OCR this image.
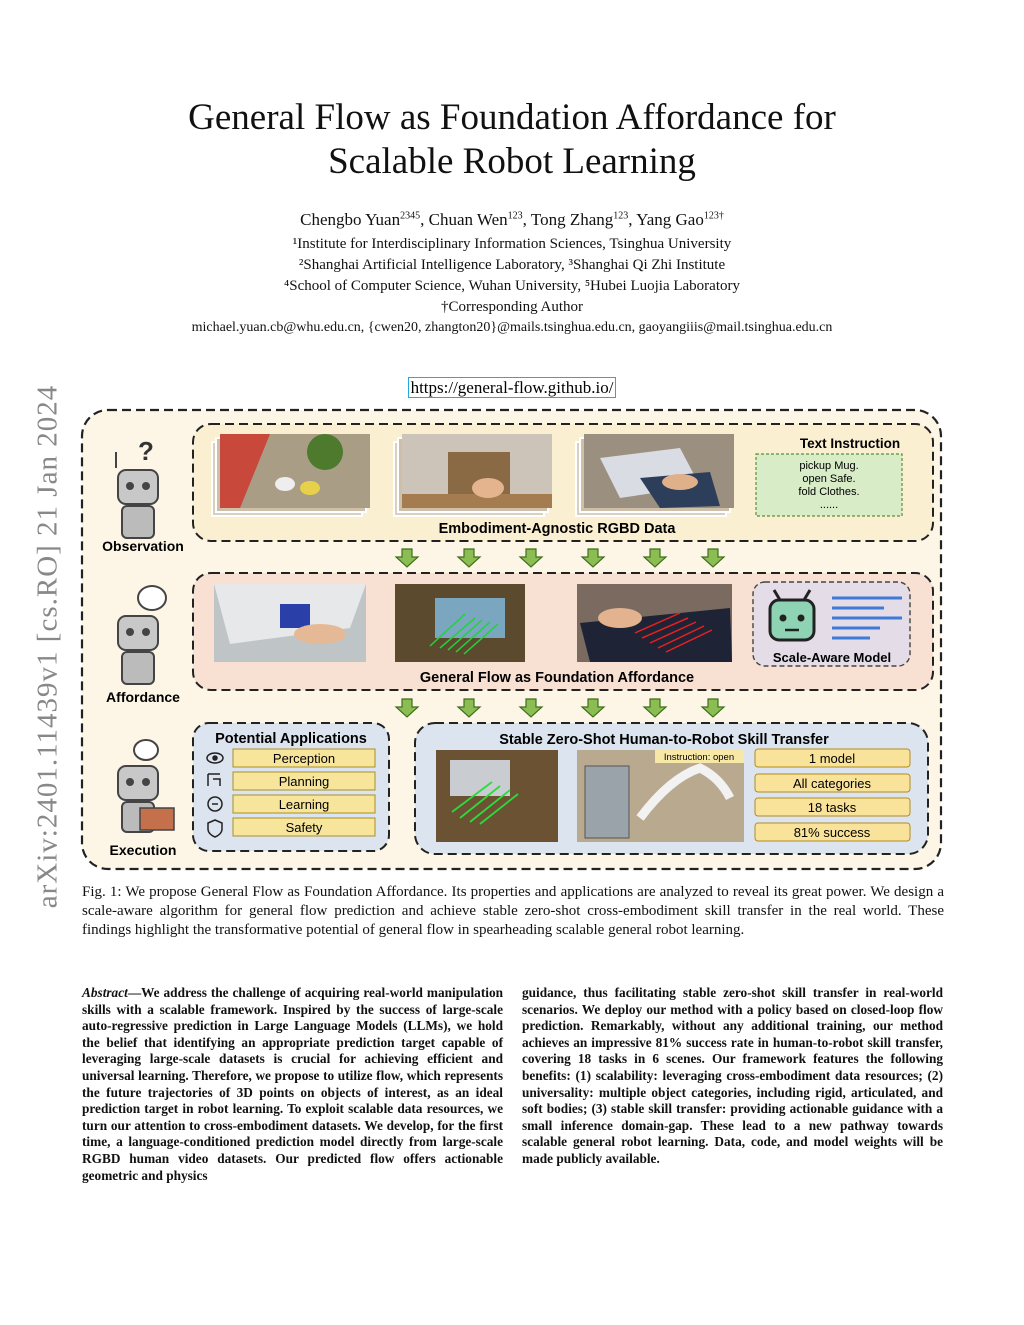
General Flow as Foundation Affordance for
Scalable Robot Learning
Chengbo Yuan$^{2345}$, Chuan Wen$^{123}$, Tong Zhang$^{123}$, Yang Gao$^{123\dagger}$
¹Institute for Interdisciplinary Information Sciences, Tsinghua University
²Shanghai Artificial Intelligence Laboratory, ³Shanghai Qi Zhi Institute
⁴School of Computer Science, Wuhan University, ⁵Hubei Luojia Laboratory
†Corresponding Author
michael.yuan.cb@whu.edu.cn, {cwen20, zhangton20}@mails.tsinghua.edu.cn, gaoyangiiis@mail.tsinghua.edu.cn
https://general-flow.github.io/
arXiv:2401.11439v1 [cs.RO] 21 Jan 2024	?
Observation
Affordance
Execution
Text Instruction
pickup Mug.
open Safe.
fold Clothes.
......
Embodiment-Agnostic RGBD Data
Scale-Aware Model
General Flow as Foundation Affordance
Potential Applications
Perception
Planning
Learning
Safety
Stable Zero-Shot Human-to-Robot Skill Transfer
Instruction: open	1 model
All categories
18 tasks
81% success
Fig. 1: We propose General Flow as Foundation Affordance. Its properties and applications are analyzed to reveal its great power. We design a scale-aware algorithm for general flow prediction and achieve stable zero-shot cross-embodiment skill transfer in the real world. These findings highlight the transformative potential of general flow in spearheading scalable general robot learning.
Abstract—We address the challenge of acquiring real-world manipulation skills with a scalable framework. Inspired by the success of large-scale auto-regressive prediction in Large Language Models (LLMs), we hold the belief that identifying an appropriate prediction target capable of leveraging large-scale datasets is crucial for achieving efficient and universal learning. Therefore, we propose to utilize flow, which represents the future trajectories of 3D points on objects of interest, as an ideal prediction target in robot learning. To exploit scalable data resources, we turn our attention to cross-embodiment datasets. We develop, for the first time, a language-conditioned prediction model directly from large-scale RGBD human video datasets. Our predicted flow offers actionable geometric and physics
guidance, thus facilitating stable zero-shot skill transfer in real-world scenarios. We deploy our method with a policy based on closed-loop flow prediction. Remarkably, without any additional training, our method achieves an impressive 81% success rate in human-to-robot skill transfer, covering 18 tasks in 6 scenes. Our framework features the following benefits: (1) scalability: leveraging cross-embodiment data resources; (2) universality: multiple object categories, including rigid, articulated, and soft bodies; (3) stable skill transfer: providing actionable guidance with a small inference domain-gap. These lead to a new pathway towards scalable general robot learning. Data, code, and model weights will be made publicly available.
